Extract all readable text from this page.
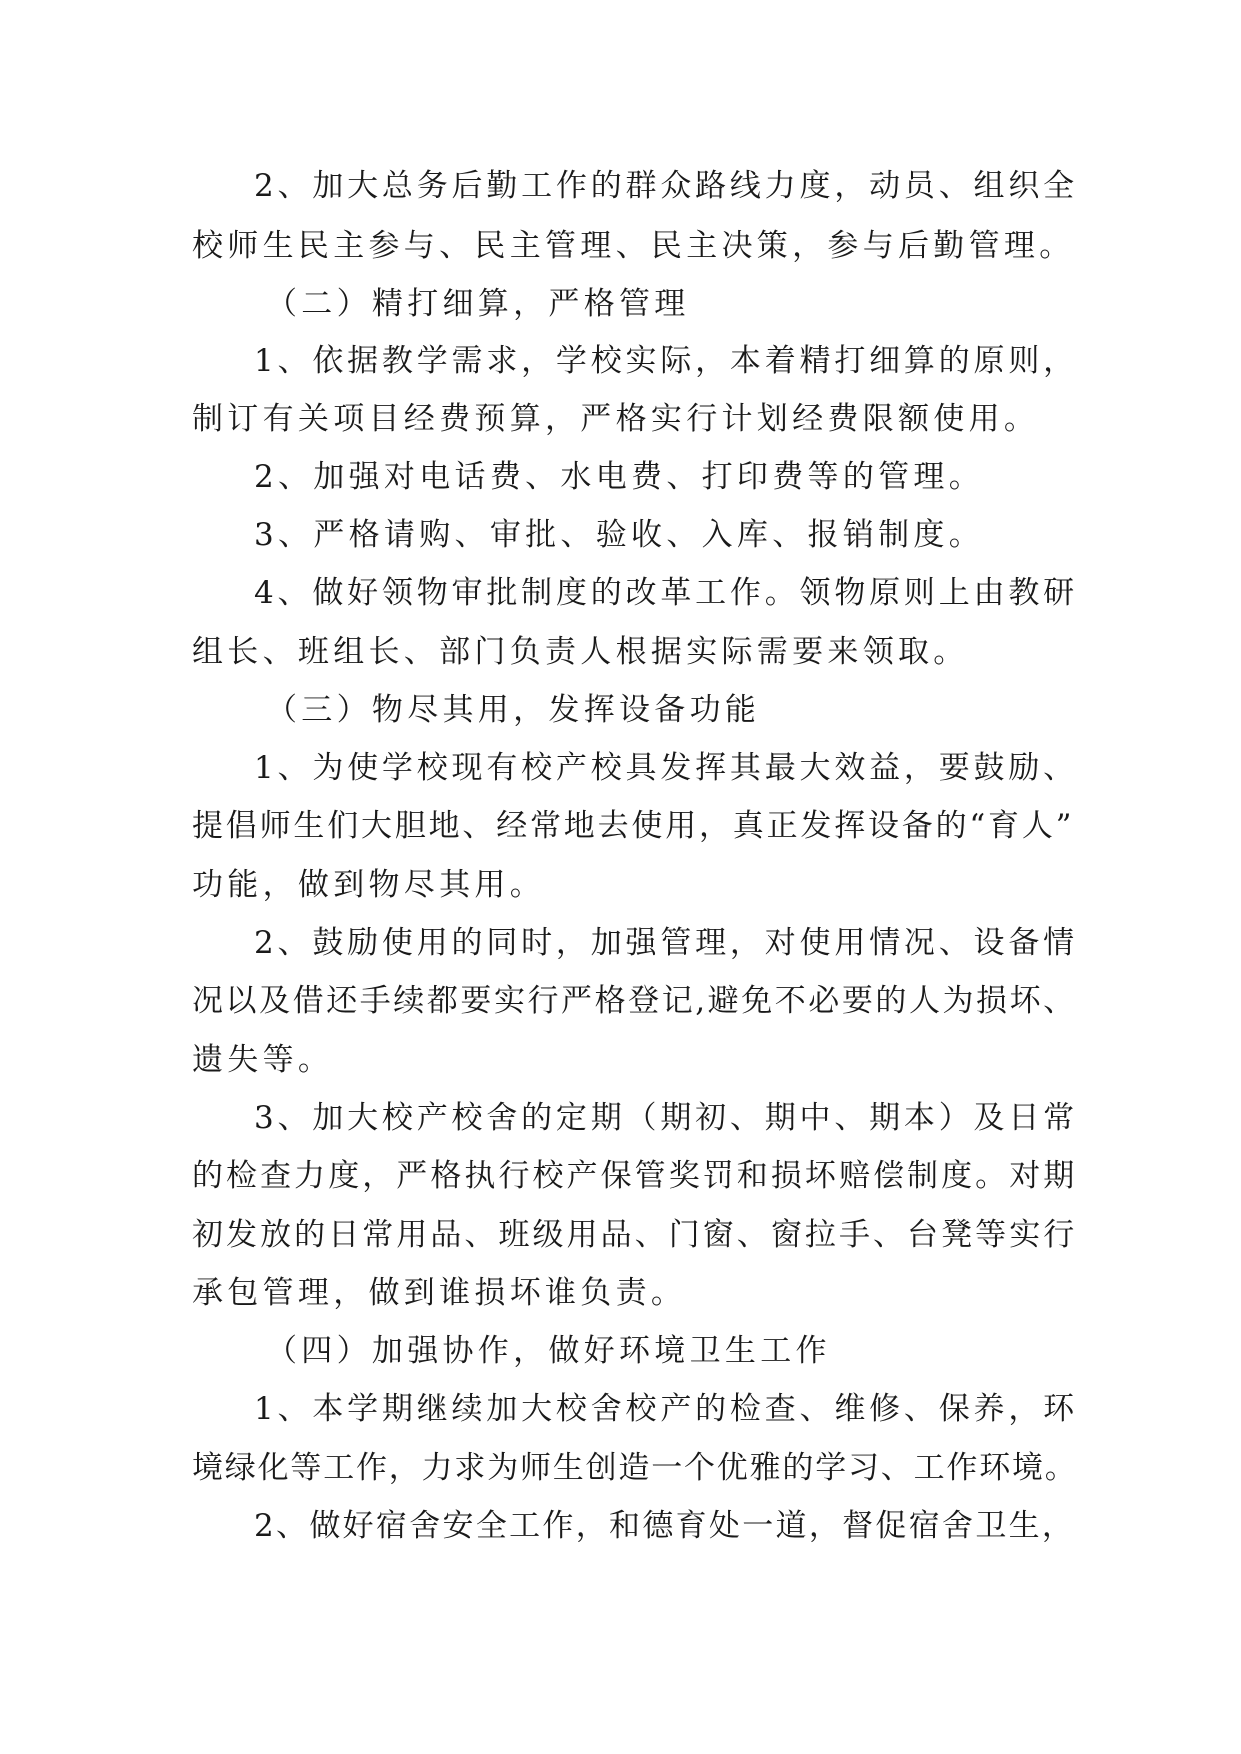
2、加大总务后勤工作的群众路线力度，动员、组织全
校师生民主参与、民主管理、民主决策，参与后勤管理。
（二）精打细算，严格管理
1、依据教学需求，学校实际，本着精打细算的原则，
制订有关项目经费预算，严格实行计划经费限额使用。
2、加强对电话费、水电费、打印费等的管理。
3、严格请购、审批、验收、入库、报销制度。
4、做好领物审批制度的改革工作。领物原则上由教研
组长、班组长、部门负责人根据实际需要来领取。
（三）物尽其用，发挥设备功能
1、为使学校现有校产校具发挥其最大效益，要鼓励、
提倡师生们大胆地、经常地去使用，真正发挥设备的“育人”
功能，做到物尽其用。
2、鼓励使用的同时，加强管理，对使用情况、设备情
况以及借还手续都要实行严格登记,避免不必要的人为损坏、
遗失等。
3、加大校产校舍的定期（期初、期中、期本）及日常
的检查力度，严格执行校产保管奖罚和损坏赔偿制度。对期
初发放的日常用品、班级用品、门窗、窗拉手、台凳等实行
承包管理，做到谁损坏谁负责。
（四）加强协作，做好环境卫生工作
1、本学期继续加大校舍校产的检查、维修、保养，环
境绿化等工作，力求为师生创造一个优雅的学习、工作环境。
2、做好宿舍安全工作，和德育处一道，督促宿舍卫生，
